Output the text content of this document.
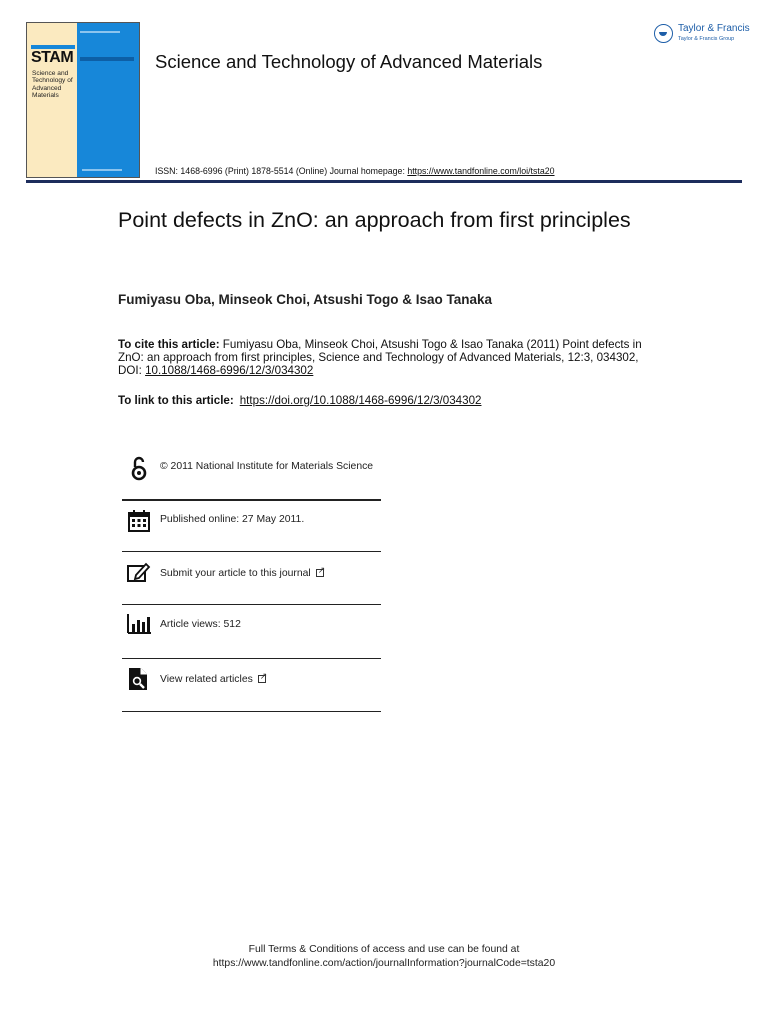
STAM
Science and Technology of Advanced Materials
Science and Technology of Advanced Materials
Taylor & Francis
Taylor & Francis Group
ISSN: 1468-6996 (Print) 1878-5514 (Online) Journal homepage: https://www.tandfonline.com/loi/tsta20
Point defects in ZnO: an approach from first principles
Fumiyasu Oba, Minseok Choi, Atsushi Togo & Isao Tanaka
To cite this article: Fumiyasu Oba, Minseok Choi, Atsushi Togo & Isao Tanaka (2011) Point defects in ZnO: an approach from first principles, Science and Technology of Advanced Materials, 12:3, 034302, DOI: 10.1088/1468-6996/12/3/034302
To link to this article: https://doi.org/10.1088/1468-6996/12/3/034302
© 2011 National Institute for Materials Science
Published online: 27 May 2011.
Submit your article to this journal↗
Article views: 512
View related articles↗
Full Terms & Conditions of access and use can be found at
https://www.tandfonline.com/action/journalInformation?journalCode=tsta20
